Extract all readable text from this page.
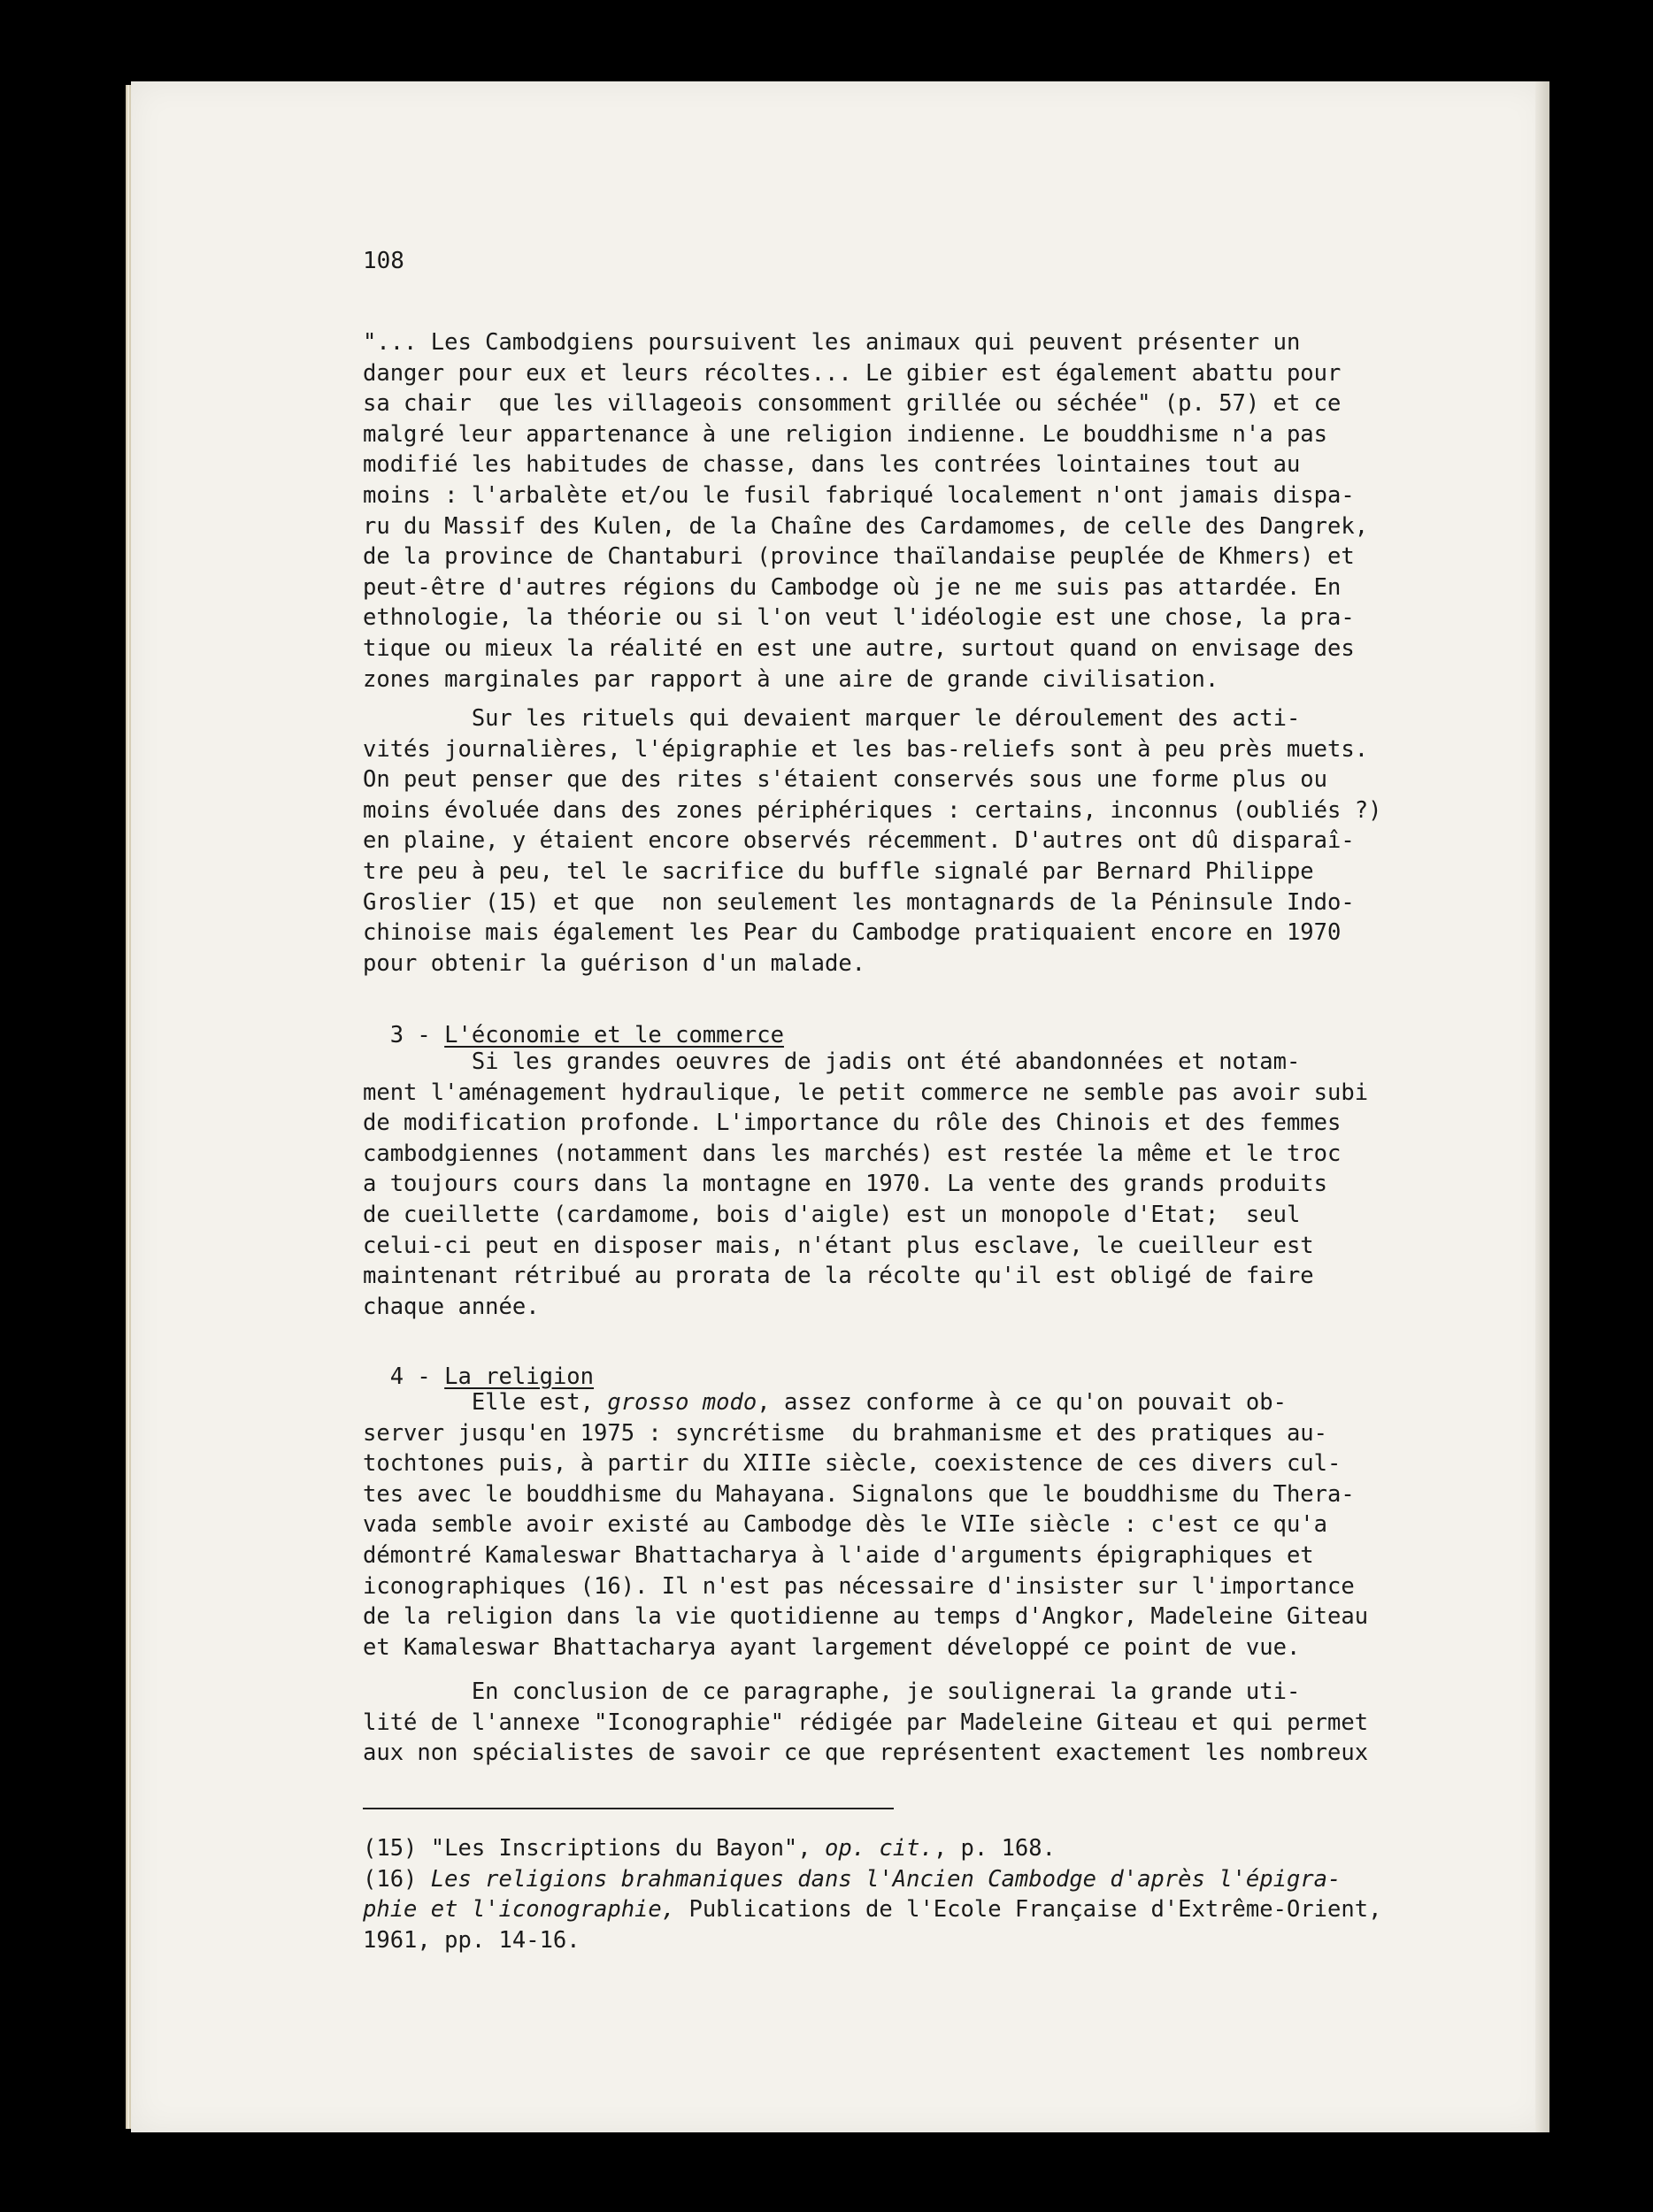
108
"... Les Cambodgiens poursuivent les animaux qui peuvent présenter un
danger pour eux et leurs récoltes... Le gibier est également abattu pour
sa chair  que les villageois consomment grillée ou séchée" (p. 57) et ce
malgré leur appartenance à une religion indienne. Le bouddhisme n'a pas
modifié les habitudes de chasse, dans les contrées lointaines tout au
moins : l'arbalète et/ou le fusil fabriqué localement n'ont jamais dispa-
ru du Massif des Kulen, de la Chaîne des Cardamomes, de celle des Dangrek,
de la province de Chantaburi (province thaïlandaise peuplée de Khmers) et
peut-être d'autres régions du Cambodge où je ne me suis pas attardée. En
ethnologie, la théorie ou si l'on veut l'idéologie est une chose, la pra-
tique ou mieux la réalité en est une autre, surtout quand on envisage des
zones marginales par rapport à une aire de grande civilisation.
Sur les rituels qui devaient marquer le déroulement des acti-
vités journalières, l'épigraphie et les bas-reliefs sont à peu près muets.
On peut penser que des rites s'étaient conservés sous une forme plus ou
moins évoluée dans des zones périphériques : certains, inconnus (oubliés ?)
en plaine, y étaient encore observés récemment. D'autres ont dû disparaî-
tre peu à peu, tel le sacrifice du buffle signalé par Bernard Philippe
Groslier (15) et que  non seulement les montagnards de la Péninsule Indo-
chinoise mais également les Pear du Cambodge pratiquaient encore en 1970
pour obtenir la guérison d'un malade.

3 - L'économie et le commerce

Si les grandes oeuvres de jadis ont été abandonnées et notam-
ment l'aménagement hydraulique, le petit commerce ne semble pas avoir subi
de modification profonde. L'importance du rôle des Chinois et des femmes
cambodgiennes (notamment dans les marchés) est restée la même et le troc
a toujours cours dans la montagne en 1970. La vente des grands produits
de cueillette (cardamome, bois d'aigle) est un monopole d'Etat;  seul
celui-ci peut en disposer mais, n'étant plus esclave, le cueilleur est
maintenant rétribué au prorata de la récolte qu'il est obligé de faire
chaque année.

4 - La religion

Elle est, grosso modo, assez conforme à ce qu'on pouvait ob-
server jusqu'en 1975 : syncrétisme  du brahmanisme et des pratiques au-
tochtones puis, à partir du XIIIe siècle, coexistence de ces divers cul-
tes avec le bouddhisme du Mahayana. Signalons que le bouddhisme du Thera-
vada semble avoir existé au Cambodge dès le VIIe siècle : c'est ce qu'a
démontré Kamaleswar Bhattacharya à l'aide d'arguments épigraphiques et
iconographiques (16). Il n'est pas nécessaire d'insister sur l'importance
de la religion dans la vie quotidienne au temps d'Angkor, Madeleine Giteau
et Kamaleswar Bhattacharya ayant largement développé ce point de vue.
En conclusion de ce paragraphe, je soulignerai la grande uti-
lité de l'annexe "Iconographie" rédigée par Madeleine Giteau et qui permet
aux non spécialistes de savoir ce que représentent exactement les nombreux
(15) "Les Inscriptions du Bayon", op. cit., p. 168.
(16) Les religions brahmaniques dans l'Ancien Cambodge d'après l'épigra-
phie et l'iconographie, Publications de l'Ecole Française d'Extrême-Orient,
1961, pp. 14-16.
